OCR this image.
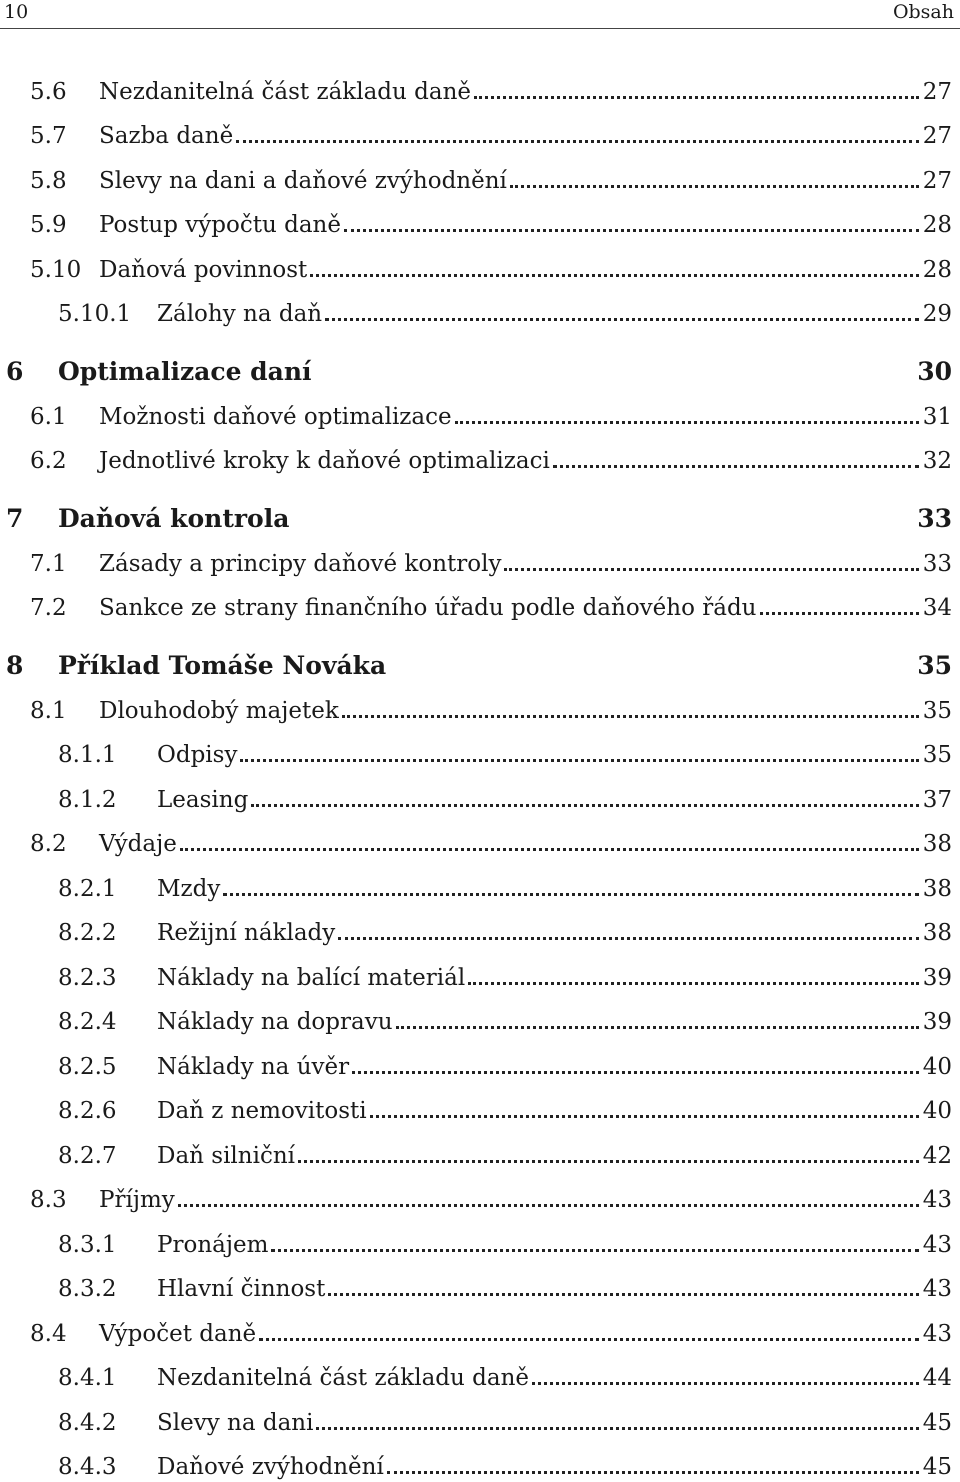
10	Obsah
5.6 Nezdanitelná část základu daně	27
5.7 Sazba daně	27
5.8 Slevy na dani a daňové zvýhodnění	27
5.9 Postup výpočtu daně	28
5.10 Daňová povinnost	28
5.10.1 Zálohy na daň	29
6 Optimalizace daní	30
6.1 Možnosti daňové optimalizace	31
6.2 Jednotlivé kroky k daňové optimalizaci	32
7 Daňová kontrola	33
7.1 Zásady a principy daňové kontroly	33
7.2 Sankce ze strany finančního úřadu podle daňového řádu	34
8 Příklad Tomáše Nováka	35
8.1 Dlouhodobý majetek	35
8.1.1 Odpisy	35
8.1.2 Leasing	37
8.2 Výdaje	38
8.2.1 Mzdy	38
8.2.2 Režijní náklady	38
8.2.3 Náklady na balící materiál	39
8.2.4 Náklady na dopravu	39
8.2.5 Náklady na úvěr	40
8.2.6 Daň z nemovitosti	40
8.2.7 Daň silniční	42
8.3 Příjmy	43
8.3.1 Pronájem	43
8.3.2 Hlavní činnost	43
8.4 Výpočet daně	43
8.4.1 Nezdanitelná část základu daně	44
8.4.2 Slevy na dani	45
8.4.3 Daňové zvýhodnění	45
